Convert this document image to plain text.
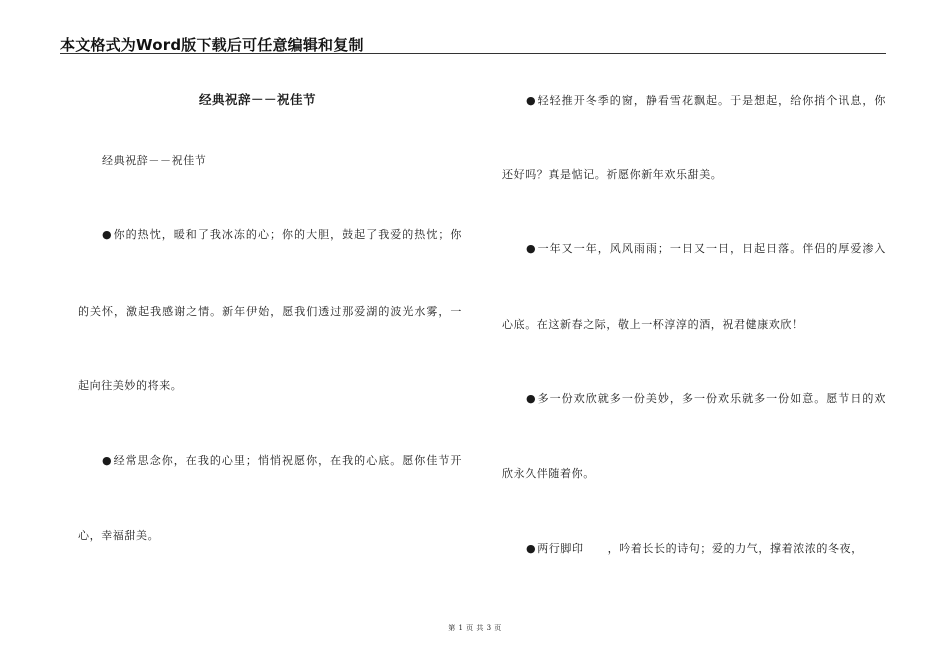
本文格式为Word版下载后可任意编辑和复制
经典祝辞－－祝佳节
经典祝辞－－祝佳节
●你的热忱，暖和了我冰冻的心；你的大胆，鼓起了我爱的热忱；你
的关怀，激起我感谢之情。新年伊始，愿我们透过那爱湖的波光水雾，一
起向往美妙的将来。
●经常思念你，在我的心里；悄悄祝愿你，在我的心底。愿你佳节开
心，幸福甜美。
●轻轻推开冬季的窗，静看雪花飘起。于是想起，给你捎个讯息，你
还好吗？真是惦记。祈愿你新年欢乐甜美。
●一年又一年，风风雨雨；一日又一日，日起日落。伴侣的厚爱渗入
心底。在这新春之际，敬上一杯淳淳的酒，祝君健康欢欣！
●多一份欢欣就多一份美妙，多一份欢乐就多一份如意。愿节日的欢
欣永久伴随着你。
●两行脚印 ，吟着长长的诗句；爱的力气，撑着浓浓的冬夜，
第 1 页 共 3 页
